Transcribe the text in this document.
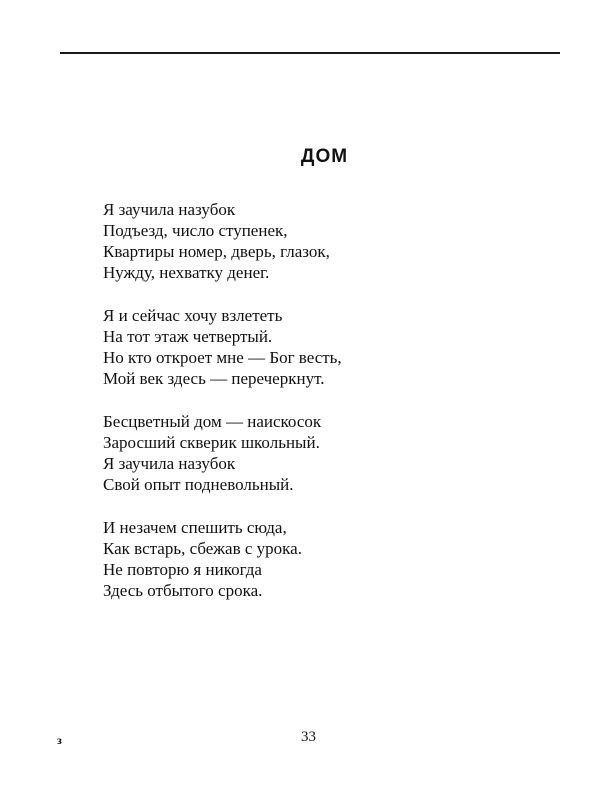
ДОМ
Я заучила назубок
Подъезд, число ступенек,
Квартиры номер, дверь, глазок,
Нужду, нехватку денег.
Я и сейчас хочу взлететь
На тот этаж четвертый.
Но кто откроет мне — Бог весть,
Мой век здесь — перечеркнут.
Бесцветный дом — наискосок
Заросший скверик школьный.
Я заучила назубок
Свой опыт подневольный.
И незачем спешить сюда,
Как встарь, сбежав с урока.
Не повторю я никогда
Здесь отбытого срока.
з	33
